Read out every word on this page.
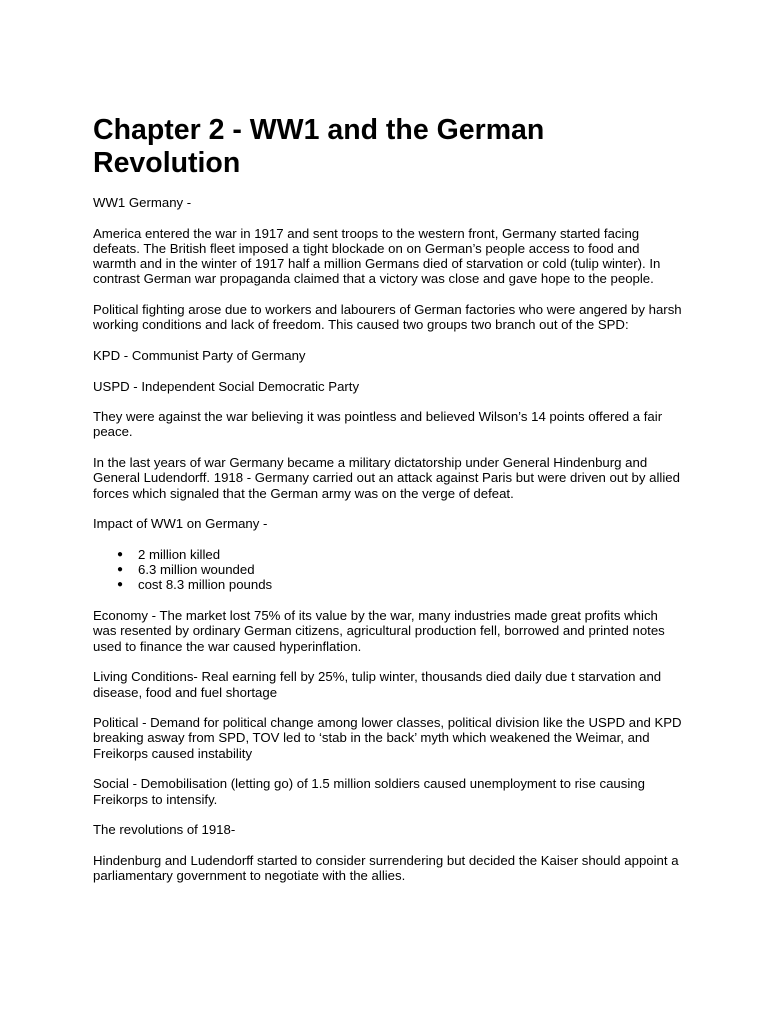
Chapter 2 - WW1 and the German Revolution

WW1 Germany -

America entered the war in 1917 and sent troops to the western front, Germany started facing defeats. The British fleet imposed a tight blockade on on German’s people access to food and warmth and in the winter of 1917 half a million Germans died of starvation or cold (tulip winter). In contrast German war propaganda claimed that a victory was close and gave hope to the people.

Political fighting arose due to workers and labourers of German factories who were angered by harsh working conditions and lack of freedom. This caused two groups two branch out of the SPD:

KPD - Communist Party of Germany

USPD - Independent Social Democratic Party

They were against the war believing it was pointless and believed Wilson’s 14 points offered a fair peace.

In the last years of war Germany became a military dictatorship under General Hindenburg and General Ludendorff. 1918 - Germany carried out an attack against Paris but were driven out by allied forces which signaled that the German army was on the verge of defeat.

Impact of WW1 on Germany -

● 2 million killed
● 6.3 million wounded
● cost 8.3 million pounds

Economy - The market lost 75% of its value by the war, many industries made great profits which was resented by ordinary German citizens, agricultural production fell, borrowed and printed notes used to finance the war caused hyperinflation.

Living Conditions- Real earning fell by 25%, tulip winter, thousands died daily due t starvation and disease, food and fuel shortage

Political - Demand for political change among lower classes, political division like the USPD and KPD breaking asway from SPD, TOV led to ‘stab in the back’ myth which weakened the Weimar, and Freikorps caused instability

Social - Demobilisation (letting go) of 1.5 million soldiers caused unemployment to rise causing Freikorps to intensify.

The revolutions of 1918-

Hindenburg and Ludendorff started to consider surrendering but decided the Kaiser should appoint a parliamentary government to negotiate with the allies.
